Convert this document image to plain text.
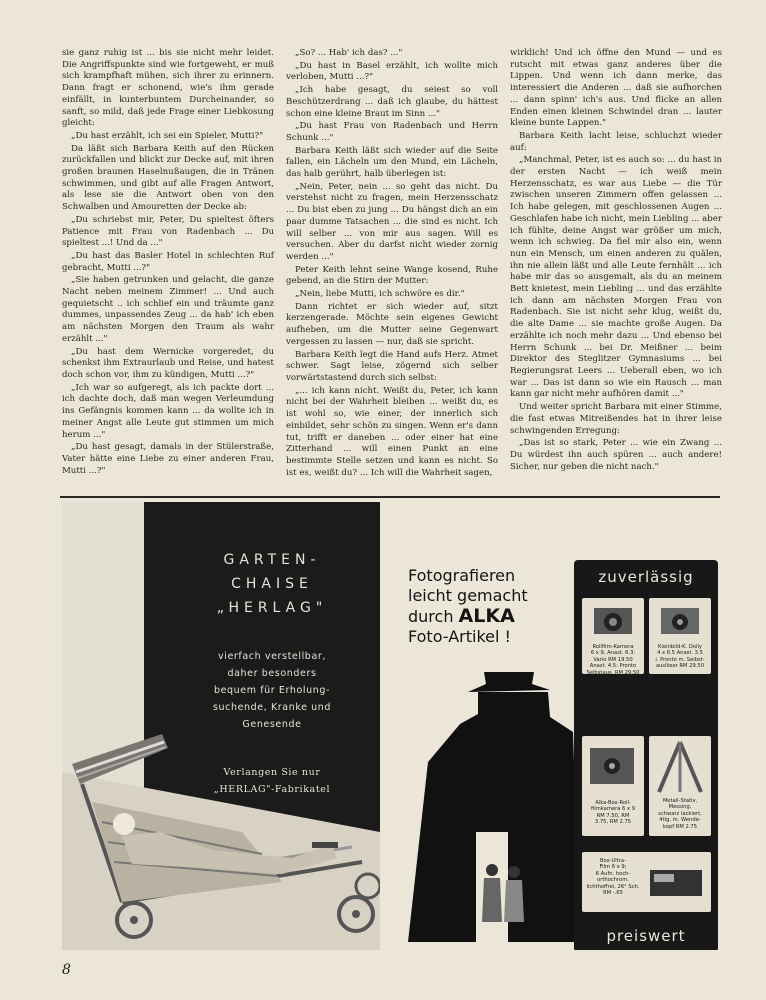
sie ganz ruhig ist ... bis sie nicht mehr leidet. Die Angriffspunkte sind wie fortgeweht, er muß sich krampfhaft mühen, sich ihrer zu erinnern. Dann fragt er schonend, wie's ihm gerade einfällt, in kunterbuntem Durcheinander, so sanft, so mild, daß jede Frage einer Liebkosung gleicht:

„Du hast erzählt, ich sei ein Spieler, Mutti?"

Da läßt sich Barbara Keith auf den Rücken zurückfallen und blickt zur Decke auf, mit ihren großen braunen Haselnußaugen, die in Tränen schwimmen, und gibt auf alle Fragen Antwort, als lese sie die Antwort oben von den Schwalben und Amouretten der Decke ab:

„Du schriebst mir, Peter, Du spieltest öfters Patience mit Frau von Radenbach ... Du spieltest ...! Und da ..."

„Du hast das Basler Hotel in schlechten Ruf gebracht, Mutti ...?"

„Sie haben getrunken und gelacht, die ganze Nacht neben meinem Zimmer! ... Und auch gequietscht .. ich schlief ein und träumte ganz dummes, unpassendes Zeug ... da hab' ich eben am nächsten Morgen den Traum als wahr erzählt ..."

„Du hast dem Wernicke vorgeredet, du schenkst ihm Extraurlaub und Reise, und hatest doch schon vor, ihm zu kündigen, Mutti ...?"

„Ich war so aufgeregt, als ich packte dort ... ich dachte doch, daß man wegen Verleumdung ins Gefängnis kommen kann ... da wollte ich in meiner Angst alle Leute gut stimmen um mich herum ..."

„Du hast gesagt, damals in der Stülerstraße, Vater hätte eine Liebe zu einer anderen Frau, Mutti ...?"

„So? ... Hab' ich das? ..."

„Du hast in Basel erzählt, ich wollte mich verloben, Mutti ...?"

„Ich habe gesagt, du seiest so voll Beschützerdrang ... daß ich glaube, du hättest schon eine kleine Braut im Sinn ..."

„Du hast Frau von Radenbach und Herrn Schunk ..."

Barbara Keith läßt sich wieder auf die Seite fallen, ein Lächeln um den Mund, ein Lächeln, das halb gerührt, halb überlegen ist:

„Nein, Peter, nein ... so geht das nicht. Du verstehst nicht zu fragen, mein Herzensschatz ... Du bist eben zu jung ... Du hängst dich an ein paar dumme Tatsachen ... die sind es nicht. Ich will selber ... von mir aus sagen. Will es versuchen. Aber du darfst nicht wieder zornig werden ..."

Peter Keith lehnt seine Wange kosend, Ruhe gebend, an die Stirn der Mutter:

„Nein, liebe Mutti, ich schwöre es dir."

Dann richtet er sich wieder auf, sitzt kerzengerade. Möchte sein eigenes Gewicht aufheben, um die Mutter seine Gegenwart vergessen zu lassen — nur, daß sie spricht.

Barbara Keith legt die Hand aufs Herz. Atmet schwer. Sagt leise, zögernd sich selber vorwärtstastend durch sich selbst:

„... ich kann nicht. Weißt du, Peter, ich kann nicht bei der Wahrheit bleiben ... weißt du, es ist wohl so, wie einer, der innerlich sich einbildet, sehr schön zu singen. Wenn er's dann tut, trifft er daneben ... oder einer hat eine Zitterhand ... will einen Punkt an eine bestimmte Stelle setzen und kann es nicht. So ist es, weißt du? ... Ich will die Wahrheit sagen,

wirklich! Und ich öffne den Mund — und es rutscht mit etwas ganz anderes über die Lippen. Und wenn ich dann merke, das interessiert die Anderen ... daß sie aufhorchen ... dann spinn' ich's aus. Und flicke an allen Enden einen kleinen Schwindel dran ... lauter kleine bunte Lappen."

Barbara Keith lacht leise, schluchzt wieder auf:

„Manchmal, Peter, ist es auch so: ... du hast in der ersten Nacht — ich weiß mein Herzensschatz, es war aus Liebe — die Tür zwischen unseren Zimmern offen gelassen ... Ich habe gelegen, mit geschlossenen Augen ... Geschlafen habe ich nicht, mein Liebling ... aber ich fühlte, deine Angst war größer um mich, wenn ich schwieg. Da fiel mir also ein, wenn nun ein Mensch, um einen anderen zu quälen, ihn nie allein läßt und alle Leute fernhält ... ich habe mir das so ausgemalt, als du an meinem Bett knietest, mein Liebling ... und das erzählte ich dann am nächsten Morgen Frau von Radenbach. Sie ist nicht sehr klug, weißt du, die alte Dame ... sie machte große Augen. Da erzählte ich noch mehr dazu ... Und ebenso bei Herrn Schunk ... bei Dr. Meißner ... beim Direktor des Steglitzer Gymnasiums ... bei Regierungsrat Leers ... Ueberall eben, wo ich war ... Das ist dann so wie ein Rausch ... man kann gar nicht mehr aufhören damit ..."

Und weiter spricht Barbara mit einer Stimme, die fast etwas Mitreißendes hat in ihrer leise schwingenden Erregung:

„Das ist so stark, Peter ... wie ein Zwang ... Du würdest ihn auch spüren ... auch andere! Sicher, nur geben die nicht nach."

GARTEN-
CHAISE
„HERLAG"
vierfach verstellbar,
daher besonders
bequem für Erholung-
suchende, Kranke und
Genesende
Verlangen Sie nur
„HERLAG"-Fabrikatel
Fotografieren
leicht gemacht
durch ALKA
Foto-Artikel !
zuverlässig
Rollfilm-Kamera
6 x 9, Anast. 6.3:
Vario RM 19.50
Anast. 4.5: Pronto
Selbstaus. RM 29.50
Kleinbild-K. Dolly
4 x 6.5 Anast. 3.5
i. Pronto m. Selbst-
auslöser RM 29.50
Alka-Box-Roll-
filmkamera 6 x 9
RM 7.50, RM
3.75, RM 2.75
Metall-Stativ,
Messing,
schwarz lackiert,
4tlg. m. Wende-
kopf RM 2.75
Box-Ultra-
Film 6 x 9;
6 Aufn. hoch-
orthochrom.
lichthoffrei, 26° Sch. RM -.65
preiswert
8
